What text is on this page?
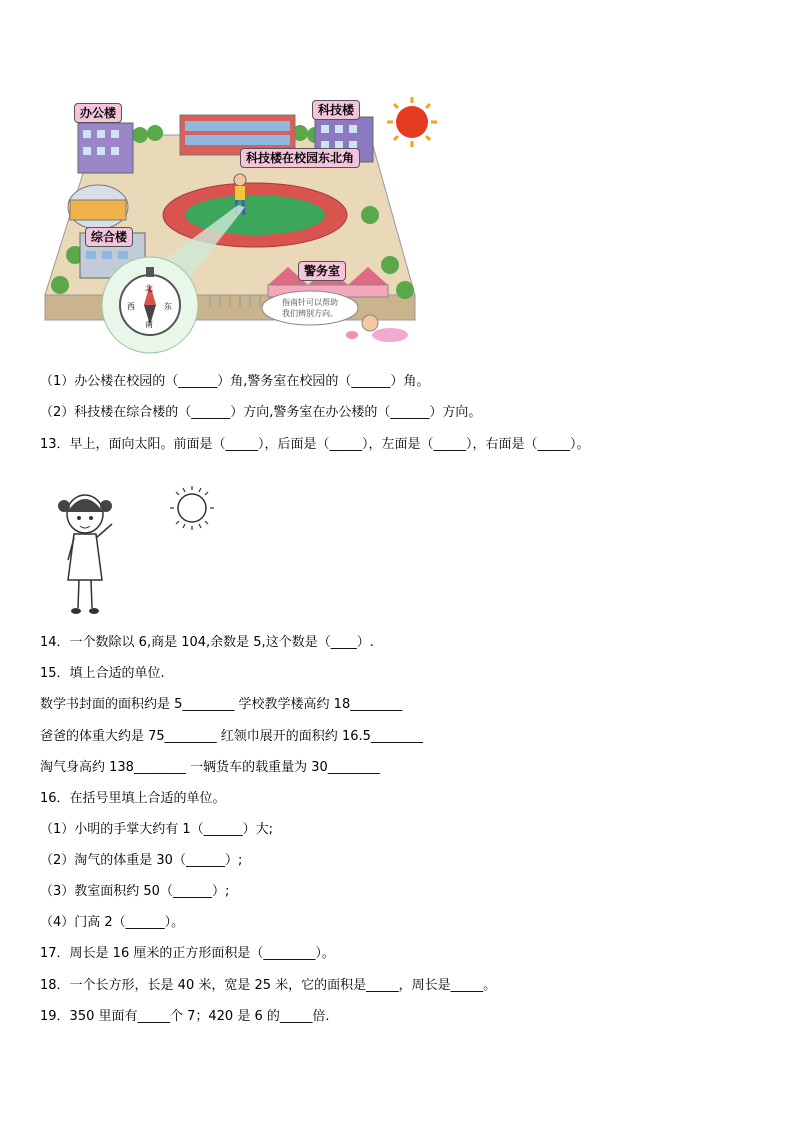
办公楼	科技楼
科技楼在校园东北角
综合楼
警务室
北
南
东
西	指南针可以帮助
我们辨别方向。
（1）办公楼在校园的（______）角,警务室在校园的（______）角。
（2）科技楼在综合楼的（______）方向,警务室在办公楼的（______）方向。
13．早上，面向太阳。前面是（_____），后面是（_____），左面是（_____），右面是（_____）。
14．一个数除以 6,商是 104,余数是 5,这个数是（____）.
15．填上合适的单位.
数学书封面的面积约是 5________ 学校教学楼高约 18________
爸爸的体重大约是 75________ 红领巾展开的面积约 16.5________
淘气身高约 138________ 一辆货车的载重量为 30________
16．在括号里填上合适的单位。
（1）小明的手掌大约有 1（______）大;
（2）淘气的体重是 30（______）;
（3）教室面积约 50（______）;
（4）门高 2（______）。
17．周长是 16 厘米的正方形面积是（________）。
18．一个长方形，长是 40 米，宽是 25 米，它的面积是_____，周长是_____。
19．350 里面有_____个 7；420 是 6 的_____倍.
